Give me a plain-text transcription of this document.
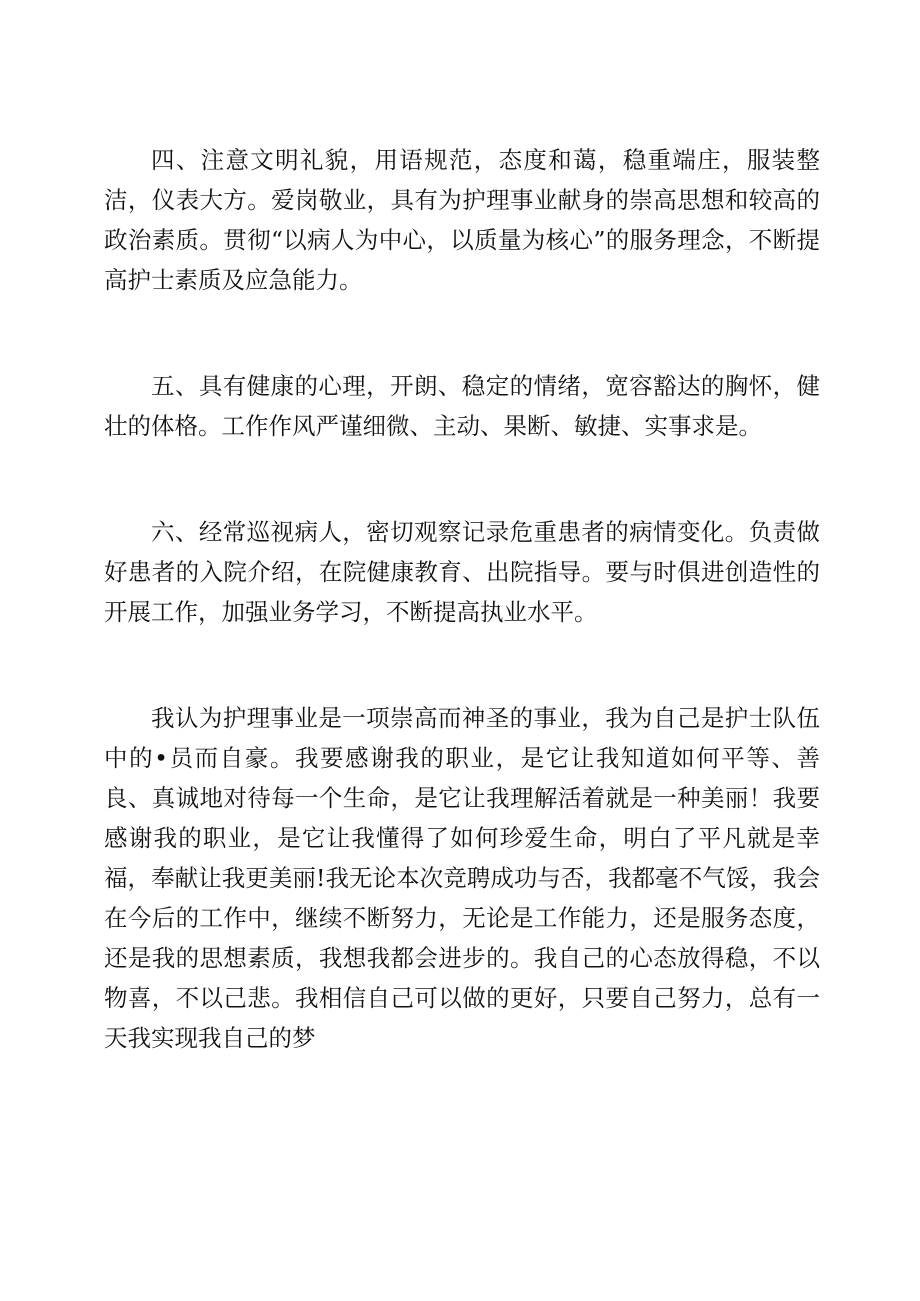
四、注意文明礼貌，用语规范，态度和蔼，稳重端庄，服装整洁，仪表大方。爱岗敬业，具有为护理事业献身的崇高思想和较高的政治素质。贯彻“以病人为中心，以质量为核心”的服务理念，不断提高护士素质及应急能力。

五、具有健康的心理，开朗、稳定的情绪，宽容豁达的胸怀，健壮的体格。工作作风严谨细微、主动、果断、敏捷、实事求是。

六、经常巡视病人，密切观察记录危重患者的病情变化。负责做好患者的入院介绍，在院健康教育、出院指导。要与时俱进创造性的开展工作，加强业务学习，不断提高执业水平。

我认为护理事业是一项崇高而神圣的事业，我为自己是护士队伍中的•员而自豪。我要感谢我的职业，是它让我知道如何平等、善良、真诚地对待每一个生命，是它让我理解活着就是一种美丽！我要感谢我的职业，是它让我懂得了如何珍爱生命，明白了平凡就是幸福，奉献让我更美丽!我无论本次竞聘成功与否，我都毫不气馁，我会在今后的工作中，继续不断努力，无论是工作能力，还是服务态度，还是我的思想素质，我想我都会进步的。我自己的心态放得稳，不以物喜，不以己悲。我相信自己可以做的更好，只要自己努力，总有一天我实现我自己的梦
